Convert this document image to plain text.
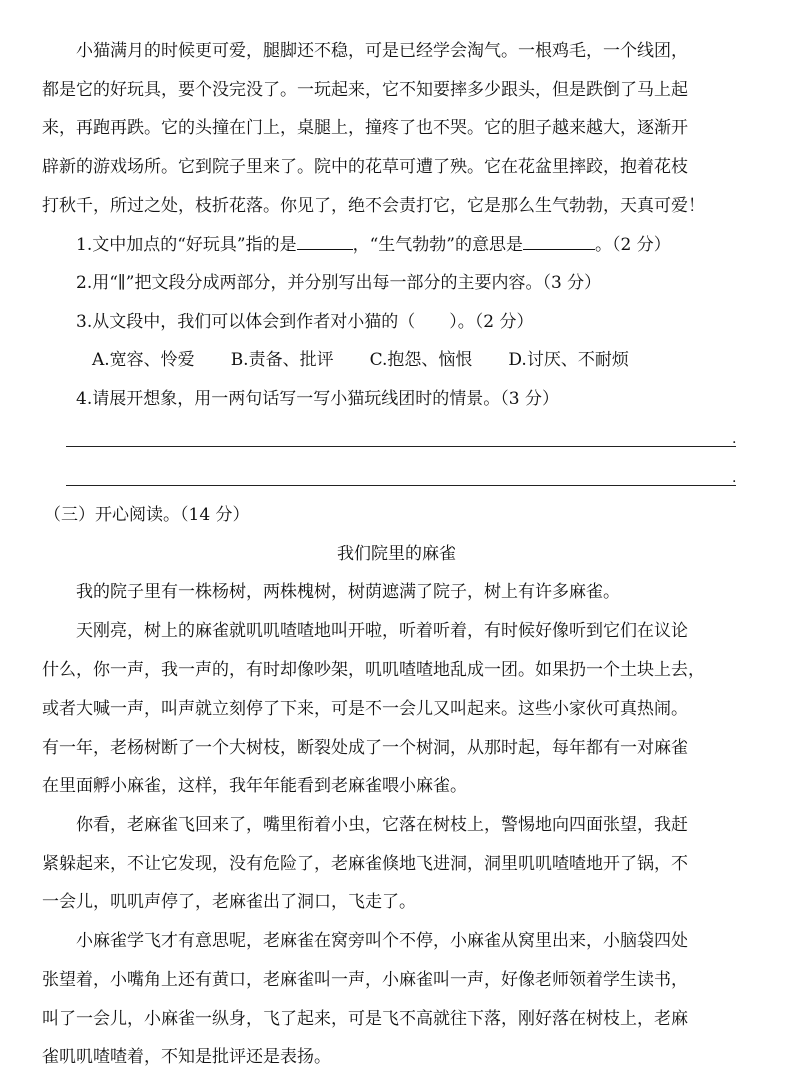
小猫满月的时候更可爱，腿脚还不稳，可是已经学会淘气。一根鸡毛，一个线团，
都是它的好玩具，要个没完没了。一玩起来，它不知要摔多少跟头，但是跌倒了马上起
来，再跑再跌。它的头撞在门上，桌腿上，撞疼了也不哭。它的胆子越来越大，逐渐开
辟新的游戏场所。它到院子里来了。院中的花草可遭了殃。它在花盆里摔跤，抱着花枝
打秋千，所过之处，枝折花落。你见了，绝不会责打它，它是那么生气勃勃，天真可爱！
1.文中加点的“好玩具”指的是	，“生气勃勃”的意思是	。（2 分）
2.用“∥”把文段分成两部分，并分别写出每一部分的主要内容。（3 分）
3.从文段中，我们可以体会到作者对小猫的（　　）。（2 分）
A.宽容、怜爱 B.责备、批评 C.抱怨、恼恨 D.讨厌、不耐烦
4.请展开想象，用一两句话写一写小猫玩线团时的情景。（3 分）
.
.
（三）开心阅读。（14 分）
我们院里的麻雀
我的院子里有一株杨树，两株槐树，树荫遮满了院子，树上有许多麻雀。
天刚亮，树上的麻雀就叽叽喳喳地叫开啦，听着听着，有时候好像听到它们在议论
什么，你一声，我一声的，有时却像吵架，叽叽喳喳地乱成一团。如果扔一个土块上去，
或者大喊一声，叫声就立刻停了下来，可是不一会儿又叫起来。这些小家伙可真热闹。
有一年，老杨树断了一个大树枝，断裂处成了一个树洞，从那时起，每年都有一对麻雀
在里面孵小麻雀，这样，我年年能看到老麻雀喂小麻雀。
你看，老麻雀飞回来了，嘴里衔着小虫，它落在树枝上，警惕地向四面张望，我赶
紧躲起来，不让它发现，没有危险了，老麻雀倏地飞进洞，洞里叽叽喳喳地开了锅，不
一会儿，叽叽声停了，老麻雀出了洞口，飞走了。
小麻雀学飞才有意思呢，老麻雀在窝旁叫个不停，小麻雀从窝里出来，小脑袋四处
张望着，小嘴角上还有黄口，老麻雀叫一声，小麻雀叫一声，好像老师领着学生读书，
叫了一会儿，小麻雀一纵身，飞了起来，可是飞不高就往下落，刚好落在树枝上，老麻
雀叽叽喳喳着，不知是批评还是表扬。
